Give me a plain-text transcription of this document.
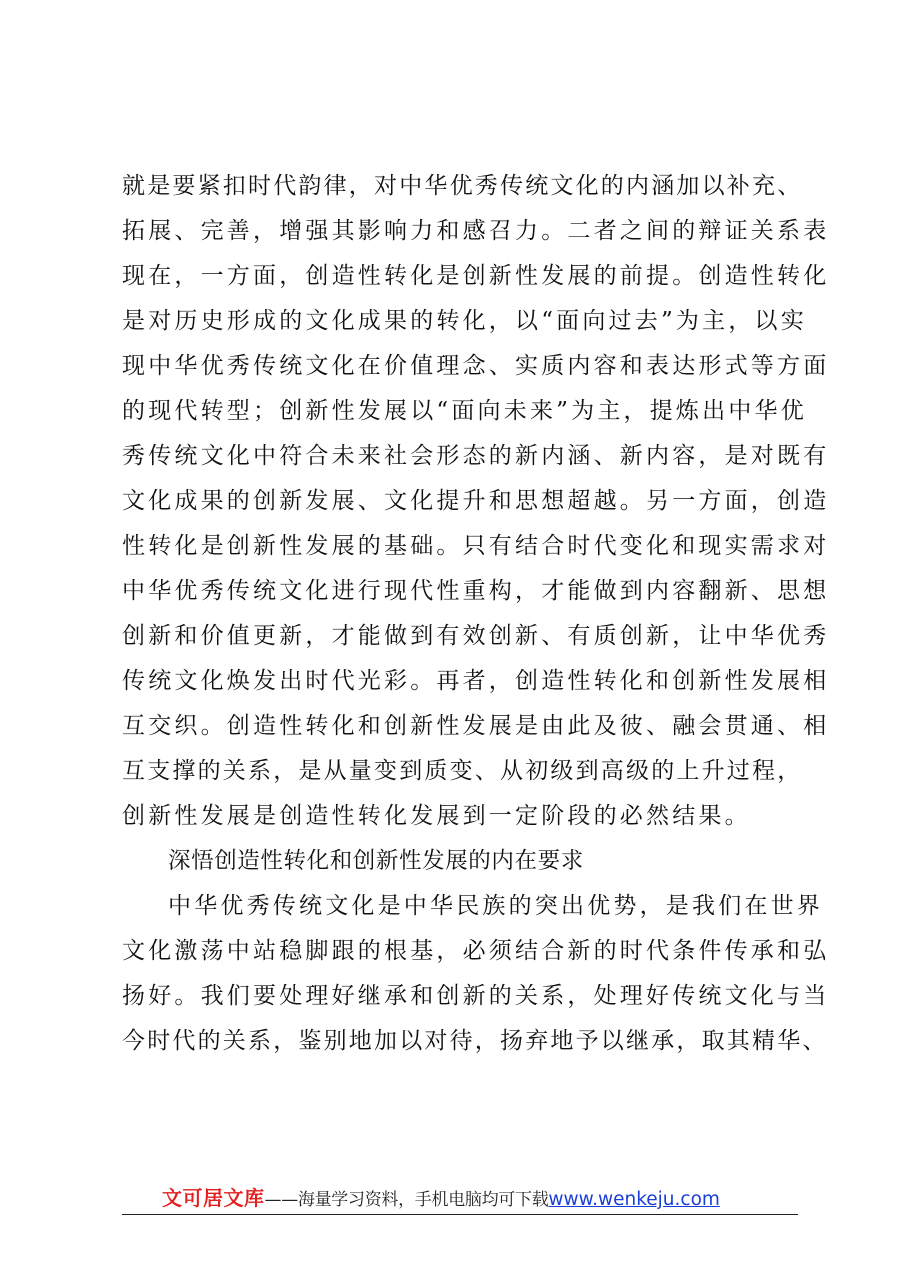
就是要紧扣时代韵律，对中华优秀传统文化的内涵加以补充、
拓展、完善，增强其影响力和感召力。二者之间的辩证关系表
现在，一方面，创造性转化是创新性发展的前提。创造性转化
是对历史形成的文化成果的转化，以“面向过去”为主，以实
现中华优秀传统文化在价值理念、实质内容和表达形式等方面
的现代转型；创新性发展以“面向未来”为主，提炼出中华优
秀传统文化中符合未来社会形态的新内涵、新内容，是对既有
文化成果的创新发展、文化提升和思想超越。另一方面，创造
性转化是创新性发展的基础。只有结合时代变化和现实需求对
中华优秀传统文化进行现代性重构，才能做到内容翻新、思想
创新和价值更新，才能做到有效创新、有质创新，让中华优秀
传统文化焕发出时代光彩。再者，创造性转化和创新性发展相
互交织。创造性转化和创新性发展是由此及彼、融会贯通、相
互支撑的关系，是从量变到质变、从初级到高级的上升过程，
创新性发展是创造性转化发展到一定阶段的必然结果。
深悟创造性转化和创新性发展的内在要求
中华优秀传统文化是中华民族的突出优势，是我们在世界
文化激荡中站稳脚跟的根基，必须结合新的时代条件传承和弘
扬好。我们要处理好继承和创新的关系，处理好传统文化与当
今时代的关系，鉴别地加以对待，扬弃地予以继承，取其精华、
文可居文库——海量学习资料，手机电脑均可下载www.wenkeju.com
